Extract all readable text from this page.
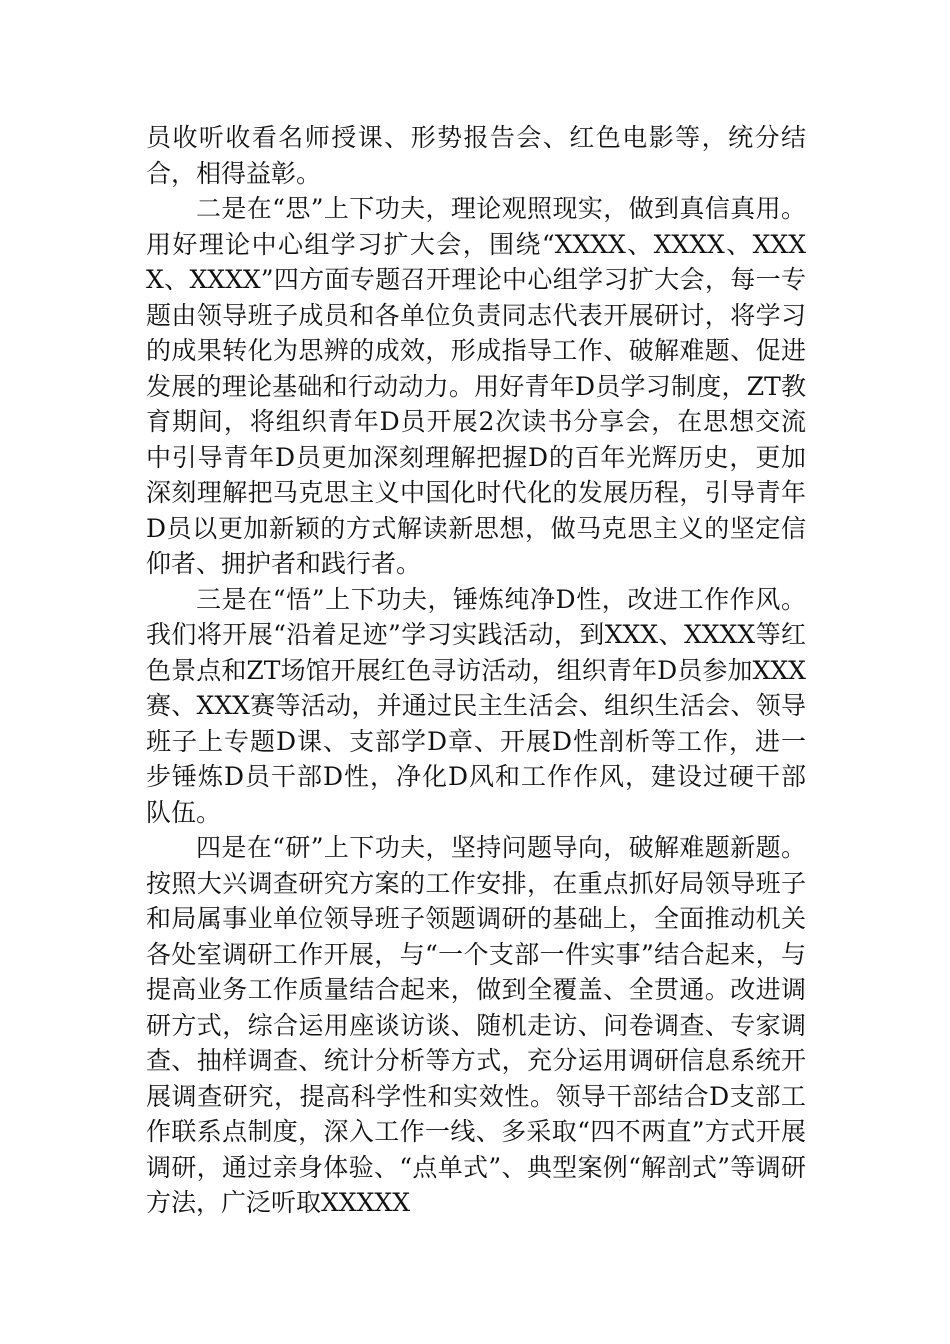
员收听收看名师授课、形势报告会、红色电影等，统分结合，相得益彰。

二是在“思”上下功夫，理论观照现实，做到真信真用。用好理论中心组学习扩大会，围绕“XXXX、XXXX、XXXX、XXXX”四方面专题召开理论中心组学习扩大会，每一专题由领导班子成员和各单位负责同志代表开展研讨，将学习的成果转化为思辨的成效，形成指导工作、破解难题、促进发展的理论基础和行动动力。用好青年D员学习制度，ZT教育期间，将组织青年D员开展2次读书分享会，在思想交流中引导青年D员更加深刻理解把握D的百年光辉历史，更加深刻理解把马克思主义中国化时代化的发展历程，引导青年D员以更加新颖的方式解读新思想，做马克思主义的坚定信仰者、拥护者和践行者。

三是在“悟”上下功夫，锤炼纯净D性，改进工作作风。我们将开展“沿着足迹”学习实践活动，到XXX、XXXX等红色景点和ZT场馆开展红色寻访活动，组织青年D员参加XXX赛、XXX赛等活动，并通过民主生活会、组织生活会、领导班子上专题D课、支部学D章、开展D性剖析等工作，进一步锤炼D员干部D性，净化D风和工作作风，建设过硬干部队伍。

四是在“研”上下功夫，坚持问题导向，破解难题新题。按照大兴调查研究方案的工作安排，在重点抓好局领导班子和局属事业单位领导班子领题调研的基础上，全面推动机关各处室调研工作开展，与“一个支部一件实事”结合起来，与提高业务工作质量结合起来，做到全覆盖、全贯通。改进调研方式，综合运用座谈访谈、随机走访、问卷调查、专家调查、抽样调查、统计分析等方式，充分运用调研信息系统开展调查研究，提高科学性和实效性。领导干部结合D支部工作联系点制度，深入工作一线、多采取“四不两直”方式开展调研，通过亲身体验、“点单式”、典型案例“解剖式”等调研方法，广泛听取XXXXX
